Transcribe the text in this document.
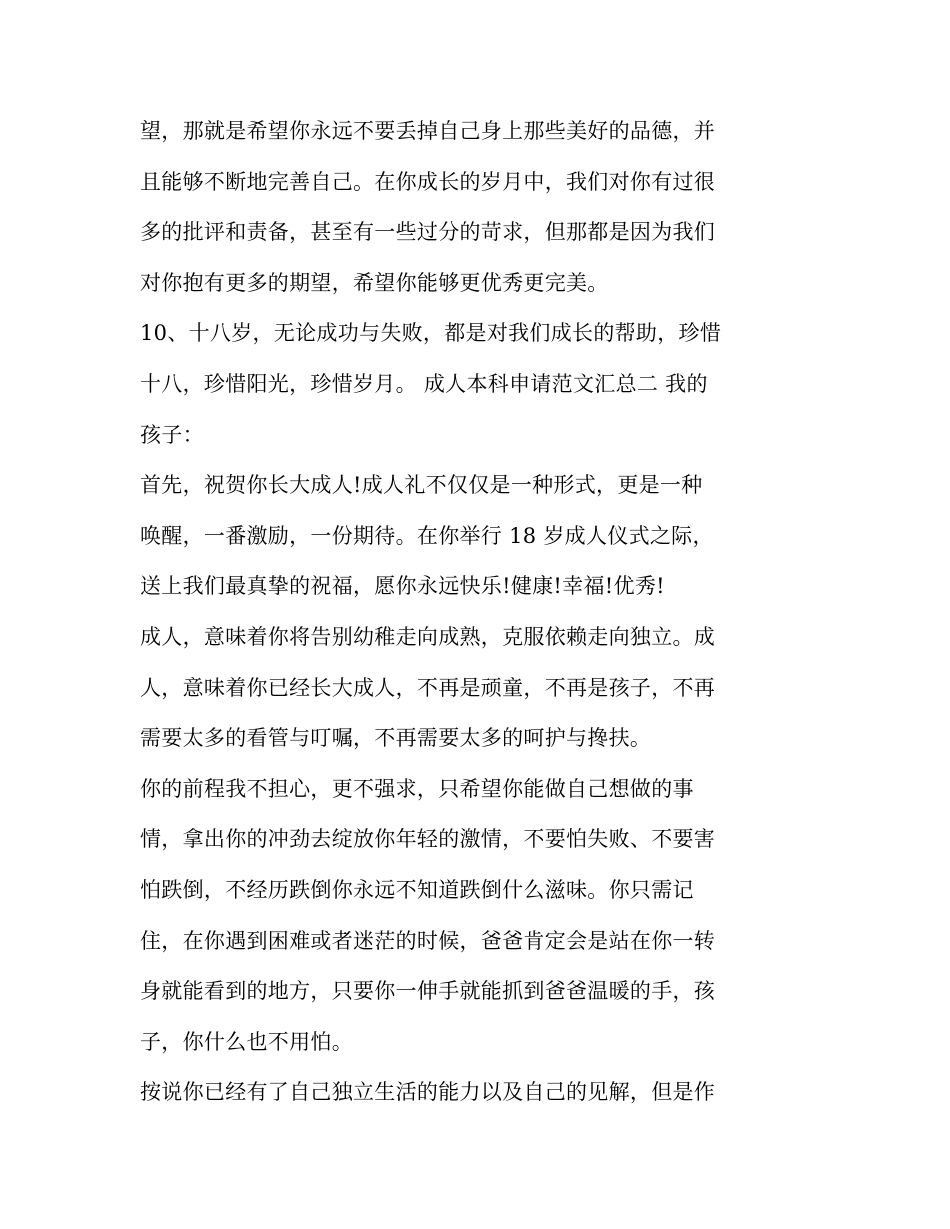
望，那就是希望你永远不要丢掉自己身上那些美好的品德，并
且能够不断地完善自己。在你成长的岁月中，我们对你有过很
多的批评和责备，甚至有一些过分的苛求，但那都是因为我们
对你抱有更多的期望，希望你能够更优秀更完美。
10、十八岁，无论成功与失败，都是对我们成长的帮助，珍惜
十八，珍惜阳光，珍惜岁月。 成人本科申请范文汇总二 我的
孩子：
首先，祝贺你长大成人!成人礼不仅仅是一种形式，更是一种
唤醒，一番激励，一份期待。在你举行 18 岁成人仪式之际，
送上我们最真挚的祝福，愿你永远快乐!健康!幸福!优秀!
成人，意味着你将告别幼稚走向成熟，克服依赖走向独立。成
人，意味着你已经长大成人，不再是顽童，不再是孩子，不再
需要太多的看管与叮嘱，不再需要太多的呵护与搀扶。
你的前程我不担心，更不强求，只希望你能做自己想做的事
情，拿出你的冲劲去绽放你年轻的激情，不要怕失败、不要害
怕跌倒，不经历跌倒你永远不知道跌倒什么滋味。你只需记
住，在你遇到困难或者迷茫的时候，爸爸肯定会是站在你一转
身就能看到的地方，只要你一伸手就能抓到爸爸温暖的手，孩
子，你什么也不用怕。
按说你已经有了自己独立生活的能力以及自己的见解，但是作
